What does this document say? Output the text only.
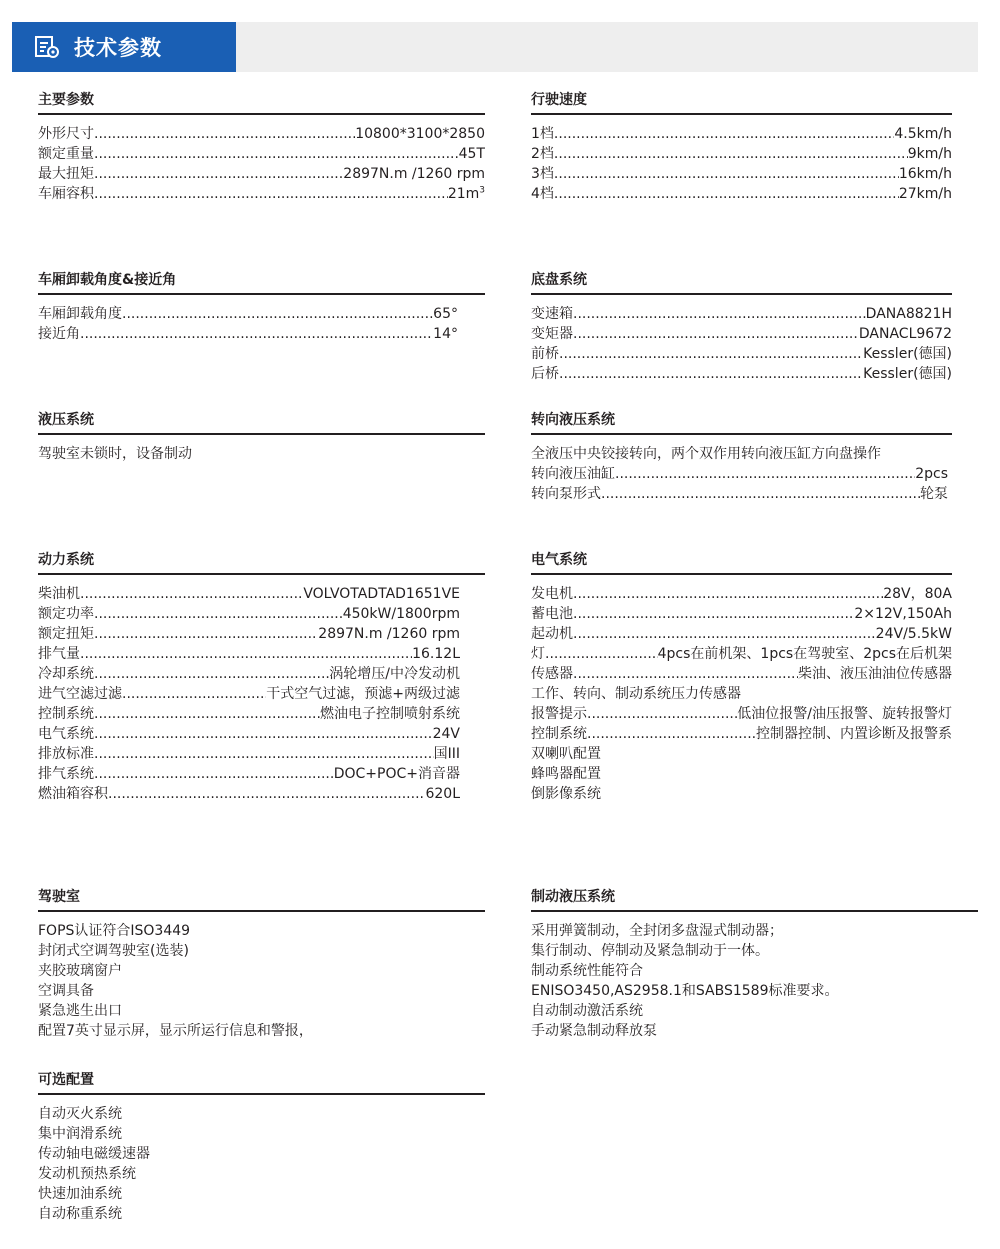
技术参数
主要参数
外形尺寸 .....	10800*3100*2850
额定重量 .....	45T
最大扭矩 .....	2897N.m /1260 rpm
车厢容积 .....	$21m^3$
行驶速度
1档 .....	4.5km/h
2档 .....	9km/h
3档 .....	16km/h
4档 .....	27km/h
车厢卸载角度&接近角
车厢卸载角度 .....	65°
接近角 .....	14°
底盘系统
变速箱 .....	DANA8821H
变矩器 .....	DANACL9672
前桥 .....	Kessler(德国)
后桥 .....	Kessler(德国)
液压系统
驾驶室未锁时，设备制动
转向液压系统
全液压中央铰接转向，两个双作用转向液压缸方向盘操作
转向液压油缸 .....	2pcs
转向泵形式 .....	轮泵
动力系统
柴油机 .....	VOLVOTADTAD1651VE
额定功率 .....	450kW/1800rpm
额定扭矩 .....	2897N.m /1260 rpm
排气量 .....	16.12L
冷却系统 .....	涡轮增压/中冷发动机
进气空滤过滤 .....	干式空气过滤，预滤+两级过滤
控制系统 .....	燃油电子控制喷射系统
电气系统 .....	24V
排放标准 .....	国III
排气系统 .....	DOC+POC+消音器
燃油箱容积 .....	620L
电气系统
发电机 .....	28V，80A
蓄电池 .....	2×12V,150Ah
起动机 .....	24V/5.5kW
灯 .....	4pcs在前机架、1pcs在驾驶室、2pcs在后机架
传感器 .....	柴油、液压油油位传感器
工作、转向、制动系统压力传感器
报警提示 .....	低油位报警/油压报警、旋转报警灯
控制系统 .....	控制器控制、内置诊断及报警系
双喇叭配置
蜂鸣器配置
倒影像系统
驾驶室
FOPS认证符合ISO3449
封闭式空调驾驶室(选装)
夹胶玻璃窗户
空调具备
紧急逃生出口
配置7英寸显示屏，显示所运行信息和警报，
制动液压系统
采用弹簧制动，全封闭多盘湿式制动器；
集行制动、停制动及紧急制动于一体。
制动系统性能符合
ENISO3450,AS2958.1和SABS1589标准要求。
自动制动激活系统
手动紧急制动释放泵
可选配置
自动灭火系统
集中润滑系统
传动轴电磁缓速器
发动机预热系统
快速加油系统
自动称重系统
